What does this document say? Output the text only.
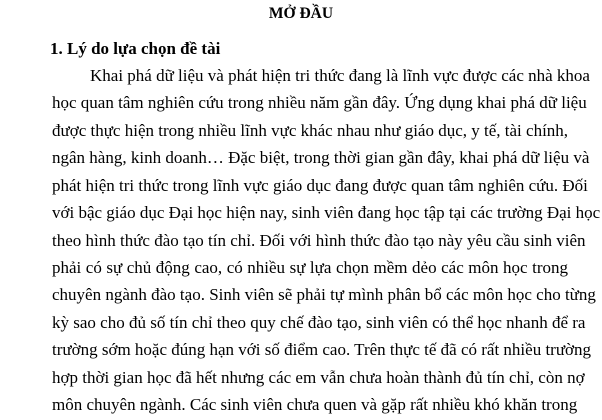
MỞ ĐẦU
1. Lý do lựa chọn đề tài
Khai phá dữ liệu và phát hiện tri thức đang là lĩnh vực được các nhà khoa
học quan tâm nghiên cứu trong nhiều năm gần đây. Ứng dụng khai phá dữ liệu
được thực hiện trong nhiều lĩnh vực khác nhau như giáo dục, y tế, tài chính,
ngân hàng, kinh doanh… Đặc biệt, trong thời gian gần đây, khai phá dữ liệu và
phát hiện tri thức trong lĩnh vực giáo dục đang được quan tâm nghiên cứu. Đối
với bậc giáo dục Đại học hiện nay, sinh viên đang học tập tại các trường Đại học
theo hình thức đào tạo tín chỉ. Đối với hình thức đào tạo này yêu cầu sinh viên
phải có sự chủ động cao, có nhiều sự lựa chọn mềm dẻo các môn học trong
chuyên ngành đào tạo. Sinh viên sẽ phải tự mình phân bổ các môn học cho từng
kỳ sao cho đủ số tín chỉ theo quy chế đào tạo, sinh viên có thể học nhanh để ra
trường sớm hoặc đúng hạn với số điểm cao. Trên thực tế đã có rất nhiều trường
hợp thời gian học đã hết nhưng các em vẫn chưa hoàn thành đủ tín chỉ, còn nợ
môn chuyên ngành. Các sinh viên chưa quen và gặp rất nhiều khó khăn trong
